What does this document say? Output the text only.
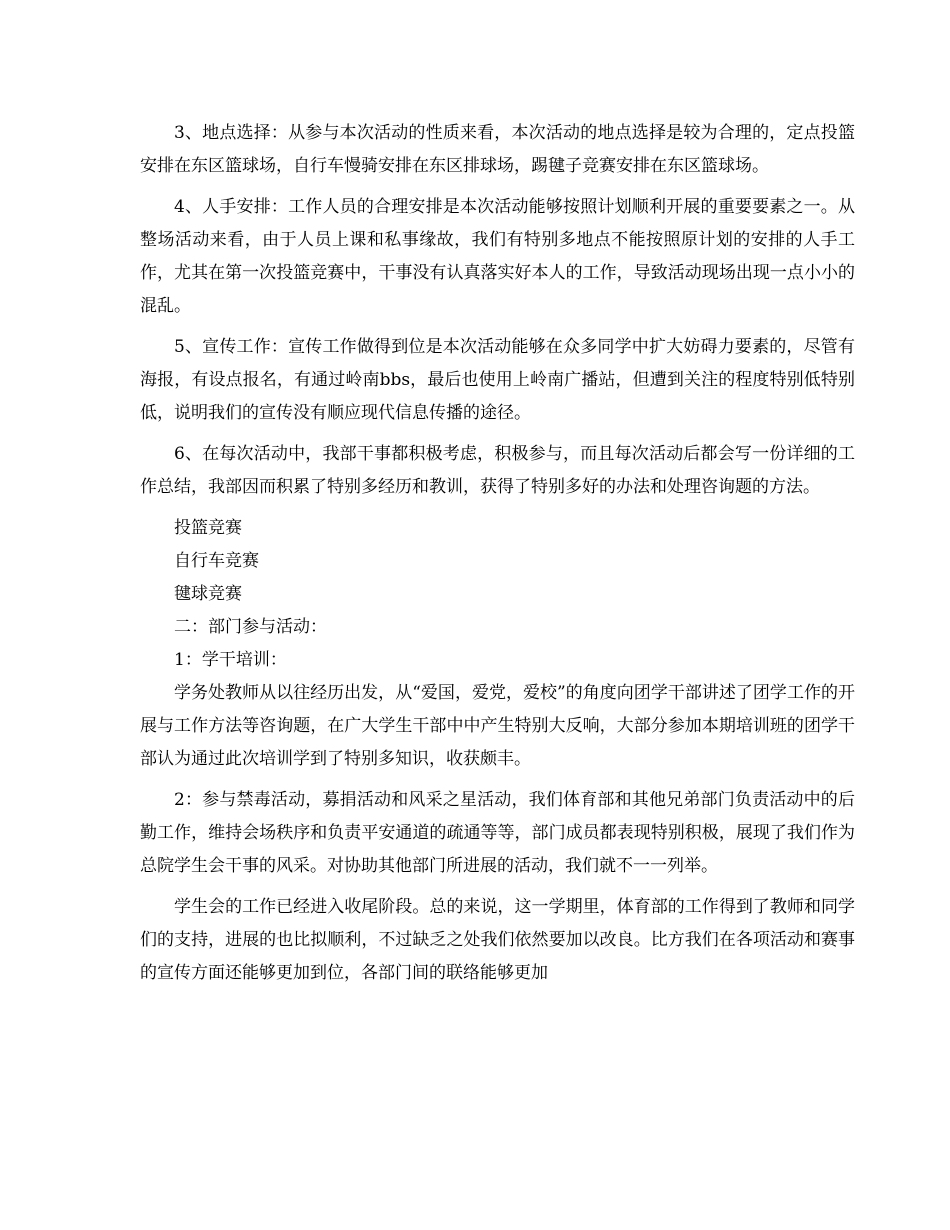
3、地点选择：从参与本次活动的性质来看，本次活动的地点选择是较为合理的，定点投篮安排在东区篮球场，自行车慢骑安排在东区排球场，踢毽子竞赛安排在东区篮球场。

4、人手安排：工作人员的合理安排是本次活动能够按照计划顺利开展的重要要素之一。从整场活动来看，由于人员上课和私事缘故，我们有特别多地点不能按照原计划的安排的人手工作，尤其在第一次投篮竞赛中，干事没有认真落实好本人的工作，导致活动现场出现一点小小的混乱。

5、宣传工作：宣传工作做得到位是本次活动能够在众多同学中扩大妨碍力要素的，尽管有海报，有设点报名，有通过岭南bbs，最后也使用上岭南广播站，但遭到关注的程度特别低特别低，说明我们的宣传没有顺应现代信息传播的途径。

6、在每次活动中，我部干事都积极考虑，积极参与，而且每次活动后都会写一份详细的工作总结，我部因而积累了特别多经历和教训，获得了特别多好的办法和处理咨询题的方法。

投篮竞赛

自行车竞赛

毽球竞赛

二：部门参与活动：

1：学干培训：

学务处教师从以往经历出发，从“爱国，爱党，爱校”的角度向团学干部讲述了团学工作的开展与工作方法等咨询题，在广大学生干部中中产生特别大反响，大部分参加本期培训班的团学干部认为通过此次培训学到了特别多知识，收获颇丰。

2：参与禁毒活动，募捐活动和风采之星活动，我们体育部和其他兄弟部门负责活动中的后勤工作，维持会场秩序和负责平安通道的疏通等等，部门成员都表现特别积极，展现了我们作为总院学生会干事的风采。对协助其他部门所进展的活动，我们就不一一列举。

学生会的工作已经进入收尾阶段。总的来说，这一学期里，体育部的工作得到了教师和同学们的支持，进展的也比拟顺利，不过缺乏之处我们依然要加以改良。比方我们在各项活动和赛事的宣传方面还能够更加到位，各部门间的联络能够更加
